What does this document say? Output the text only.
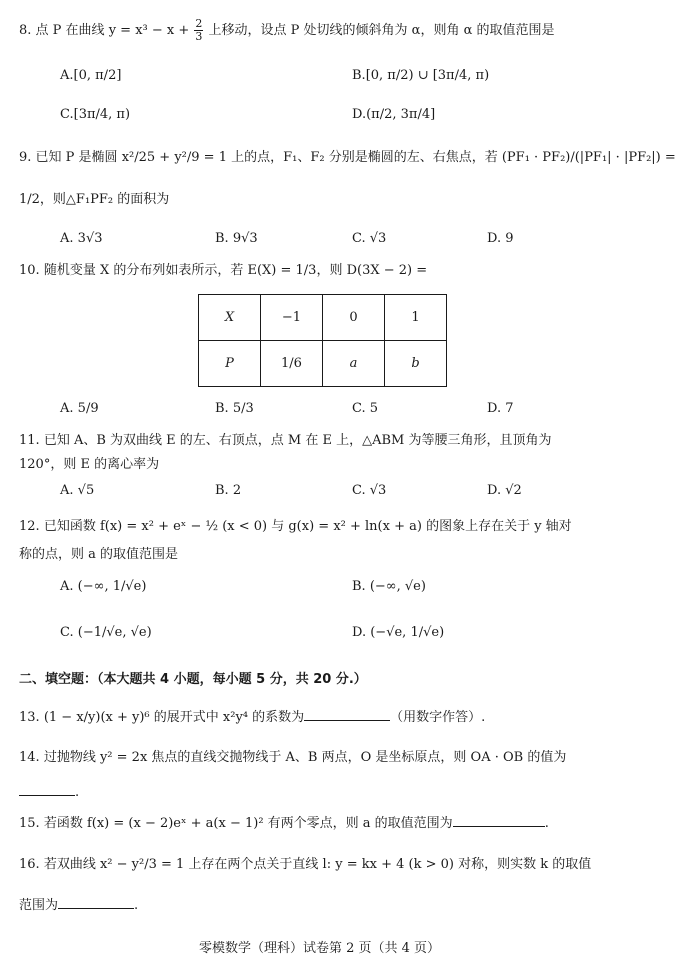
8. 点 P 在曲线 $y = x^3 - x + \frac{2}{3}$ 上移动，设点 P 处切线的倾斜角为 α，则角 α 的取值范围是
A.[0, π/2]	B.[0, π/2) ∪ [3π/4, π)
C.[3π/4, π)	D.(π/2, 3π/4]
9. 已知 P 是椭圆 x²/25 + y²/9 = 1 上的点，F₁、F₂ 分别是椭圆的左、右焦点，若 (PF₁ · PF₂)/(|PF₁| · |PF₂|) =
1/2，则△F₁PF₂ 的面积为
A. 3√3	B. 9√3	C. √3	D. 9
10. 随机变量 X 的分布列如表所示，若 E(X) = 1/3，则 D(3X − 2) =
X	−1	0	1
P	1/6	a	b
A. 5/9	B. 5/3	C. 5	D. 7
11. 已知 A、B 为双曲线 E 的左、右顶点，点 M 在 E 上，△ABM 为等腰三角形，且顶角为
120°，则 E 的离心率为
A. √5	B. 2	C. √3	D. √2
12. 已知函数 f(x) = x² + eˣ − ½ (x < 0) 与 g(x) = x² + ln(x + a) 的图象上存在关于 y 轴对
称的点，则 a 的取值范围是
A. (−∞, 1/√e)	B. (−∞, √e)
C. (−1/√e, √e)	D. (−√e, 1/√e)
二、填空题：（本大题共 4 小题，每小题 5 分，共 20 分.）
13. (1 − x/y)(x + y)⁶ 的展开式中 x²y⁴ 的系数为	（用数字作答）.
14. 过抛物线 y² = 2x 焦点的直线交抛物线于 A、B 两点，O 是坐标原点，则 OA · OB 的值为
.
15. 若函数 f(x) = (x − 2)eˣ + a(x − 1)² 有两个零点，则 a 的取值范围为	.
16. 若双曲线 x² − y²/3 = 1 上存在两个点关于直线 l: y = kx + 4 (k > 0) 对称，则实数 k 的取值
范围为	.
零模数学（理科）试卷第 2 页（共 4 页）
